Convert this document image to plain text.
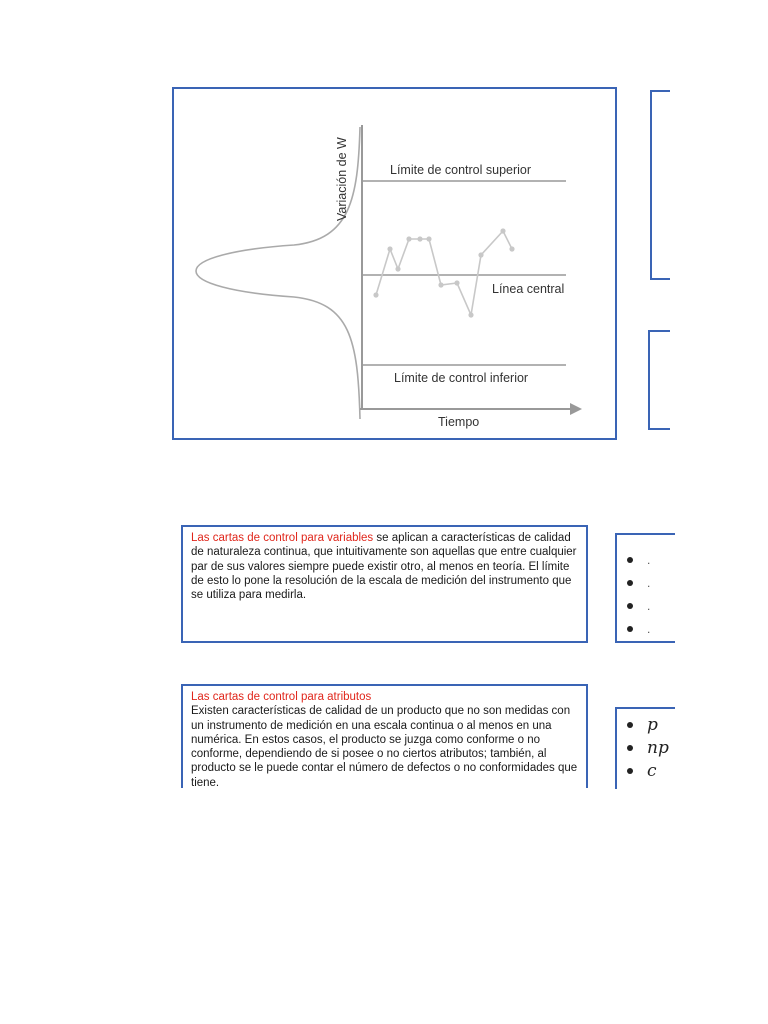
Variación de W	Límite de control superior
Línea central
Límite de control inferior
Tiempo

Las cartas de control para variables se aplican a características de calidad de naturaleza continua, que intuitivamente son aquellas que entre cualquier par de sus valores siempre puede existir otro, al menos en teoría. El límite de esto lo pone la resolución de la escala de medición del instrumento que se utiliza para medirla.

.
.
.
.

Las cartas de control para atributos

Existen características de calidad de un producto que no son medidas con un instrumento de medición en una escala continua o al menos en una numérica. En estos casos, el producto se juzga como conforme o no conforme, dependiendo de si posee o no ciertos atributos; también, al producto se le puede contar el número de defectos o no conformidades que tiene.

p
np
c
